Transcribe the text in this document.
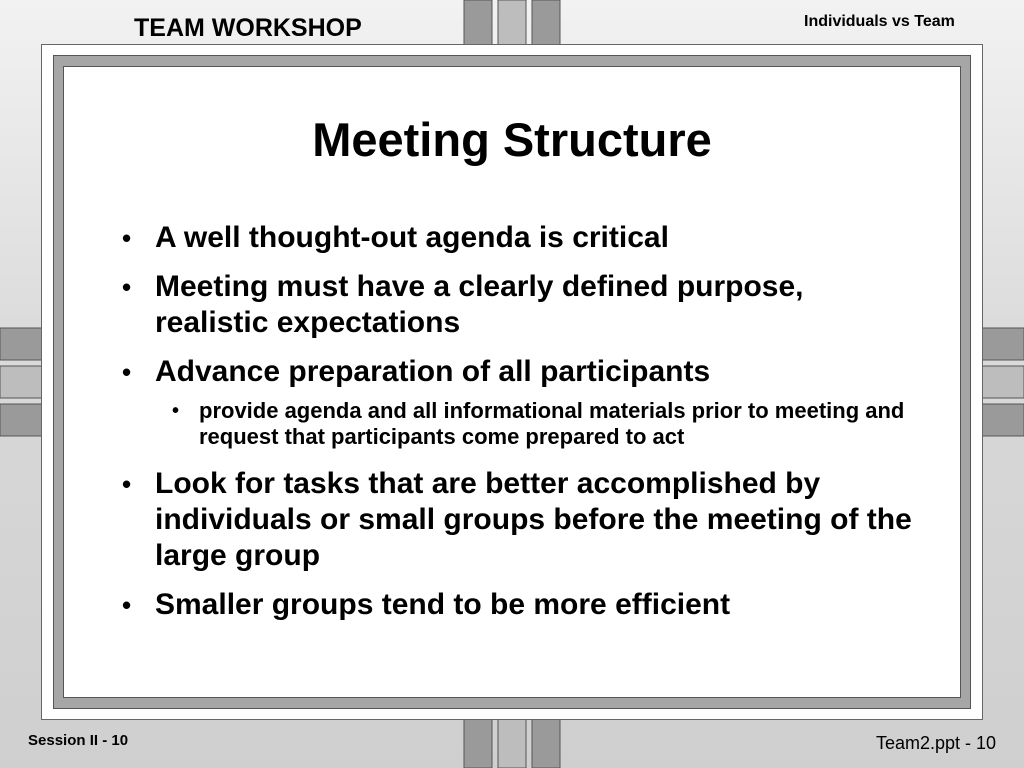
TEAM WORKSHOP	Individuals vs Team
Meeting Structure
• A well thought-out agenda is critical
• Meeting must have a clearly defined purpose, realistic expectations
• Advance preparation of all participants
• provide agenda and all informational materials prior to meeting and request that participants come prepared to act
• Look for tasks that are better accomplished by individuals or small groups before the meeting of the large group
• Smaller groups tend to be more efficient
Session II - 10	Team2.ppt - 10
